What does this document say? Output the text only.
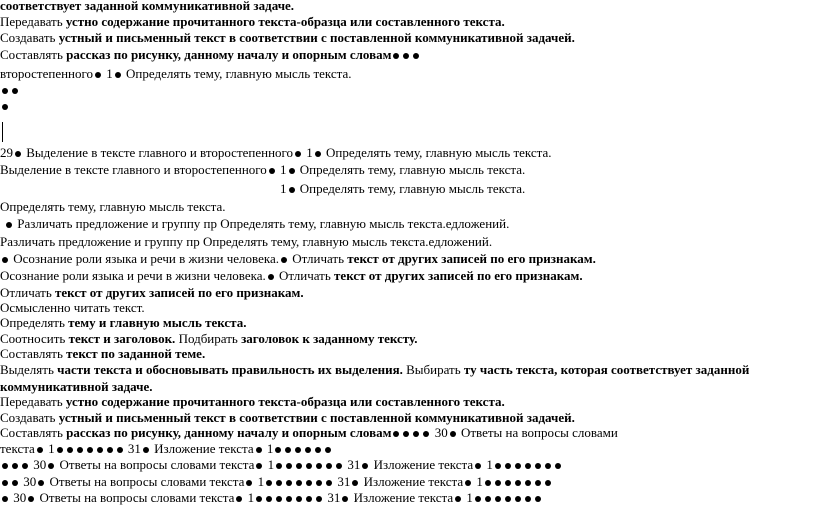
соответствует заданной коммуникативной задаче.
Передавать устно содержание прочитанного текста-образца или составленного текста.
Создавать устный и письменный текст в соответствии с поставленной коммуникативной задачей.
Составлять рассказ по рисунку, данному началу и опорным словам
второстепенного 1 Определять тему, главную мысль текста.
29 Выделение в тексте главного и второстепенного 1 Определять тему, главную мысль текста.
Выделение в тексте главного и второстепенного 1 Определять тему, главную мысль текста.
1 Определять тему, главную мысль текста.
Определять тему, главную мысль текста.
Различать предложение и группу пр Определять тему, главную мысль текста.едложений.
Различать предложение и группу пр Определять тему, главную мысль текста.едложений.
Осознание роли языка и речи в жизни человека. Отличать текст от других записей по его признакам.
Осознание роли языка и речи в жизни человека. Отличать текст от других записей по его признакам.
Отличать текст от других записей по его признакам.
Осмысленно читать текст.
Определять тему и главную мысль текста.
Соотносить текст и заголовок. Подбирать заголовок к заданному тексту.
Составлять текст по заданной теме.
Выделять части текста и обосновывать правильность их выделения. Выбирать ту часть текста, которая соответствует заданной
коммуникативной задаче.
Передавать устно содержание прочитанного текста-образца или составленного текста.
Создавать устный и письменный текст в соответствии с поставленной коммуникативной задачей.
Составлять рассказ по рисунку, данному началу и опорным словам	30 Ответы на вопросы словами
текста 1	31 Изложение текста 1
30 Ответы на вопросы словами текста 1	31 Изложение текста 1
30 Ответы на вопросы словами текста 1	31 Изложение текста 1
30 Ответы на вопросы словами текста 1	31 Изложение текста 1
